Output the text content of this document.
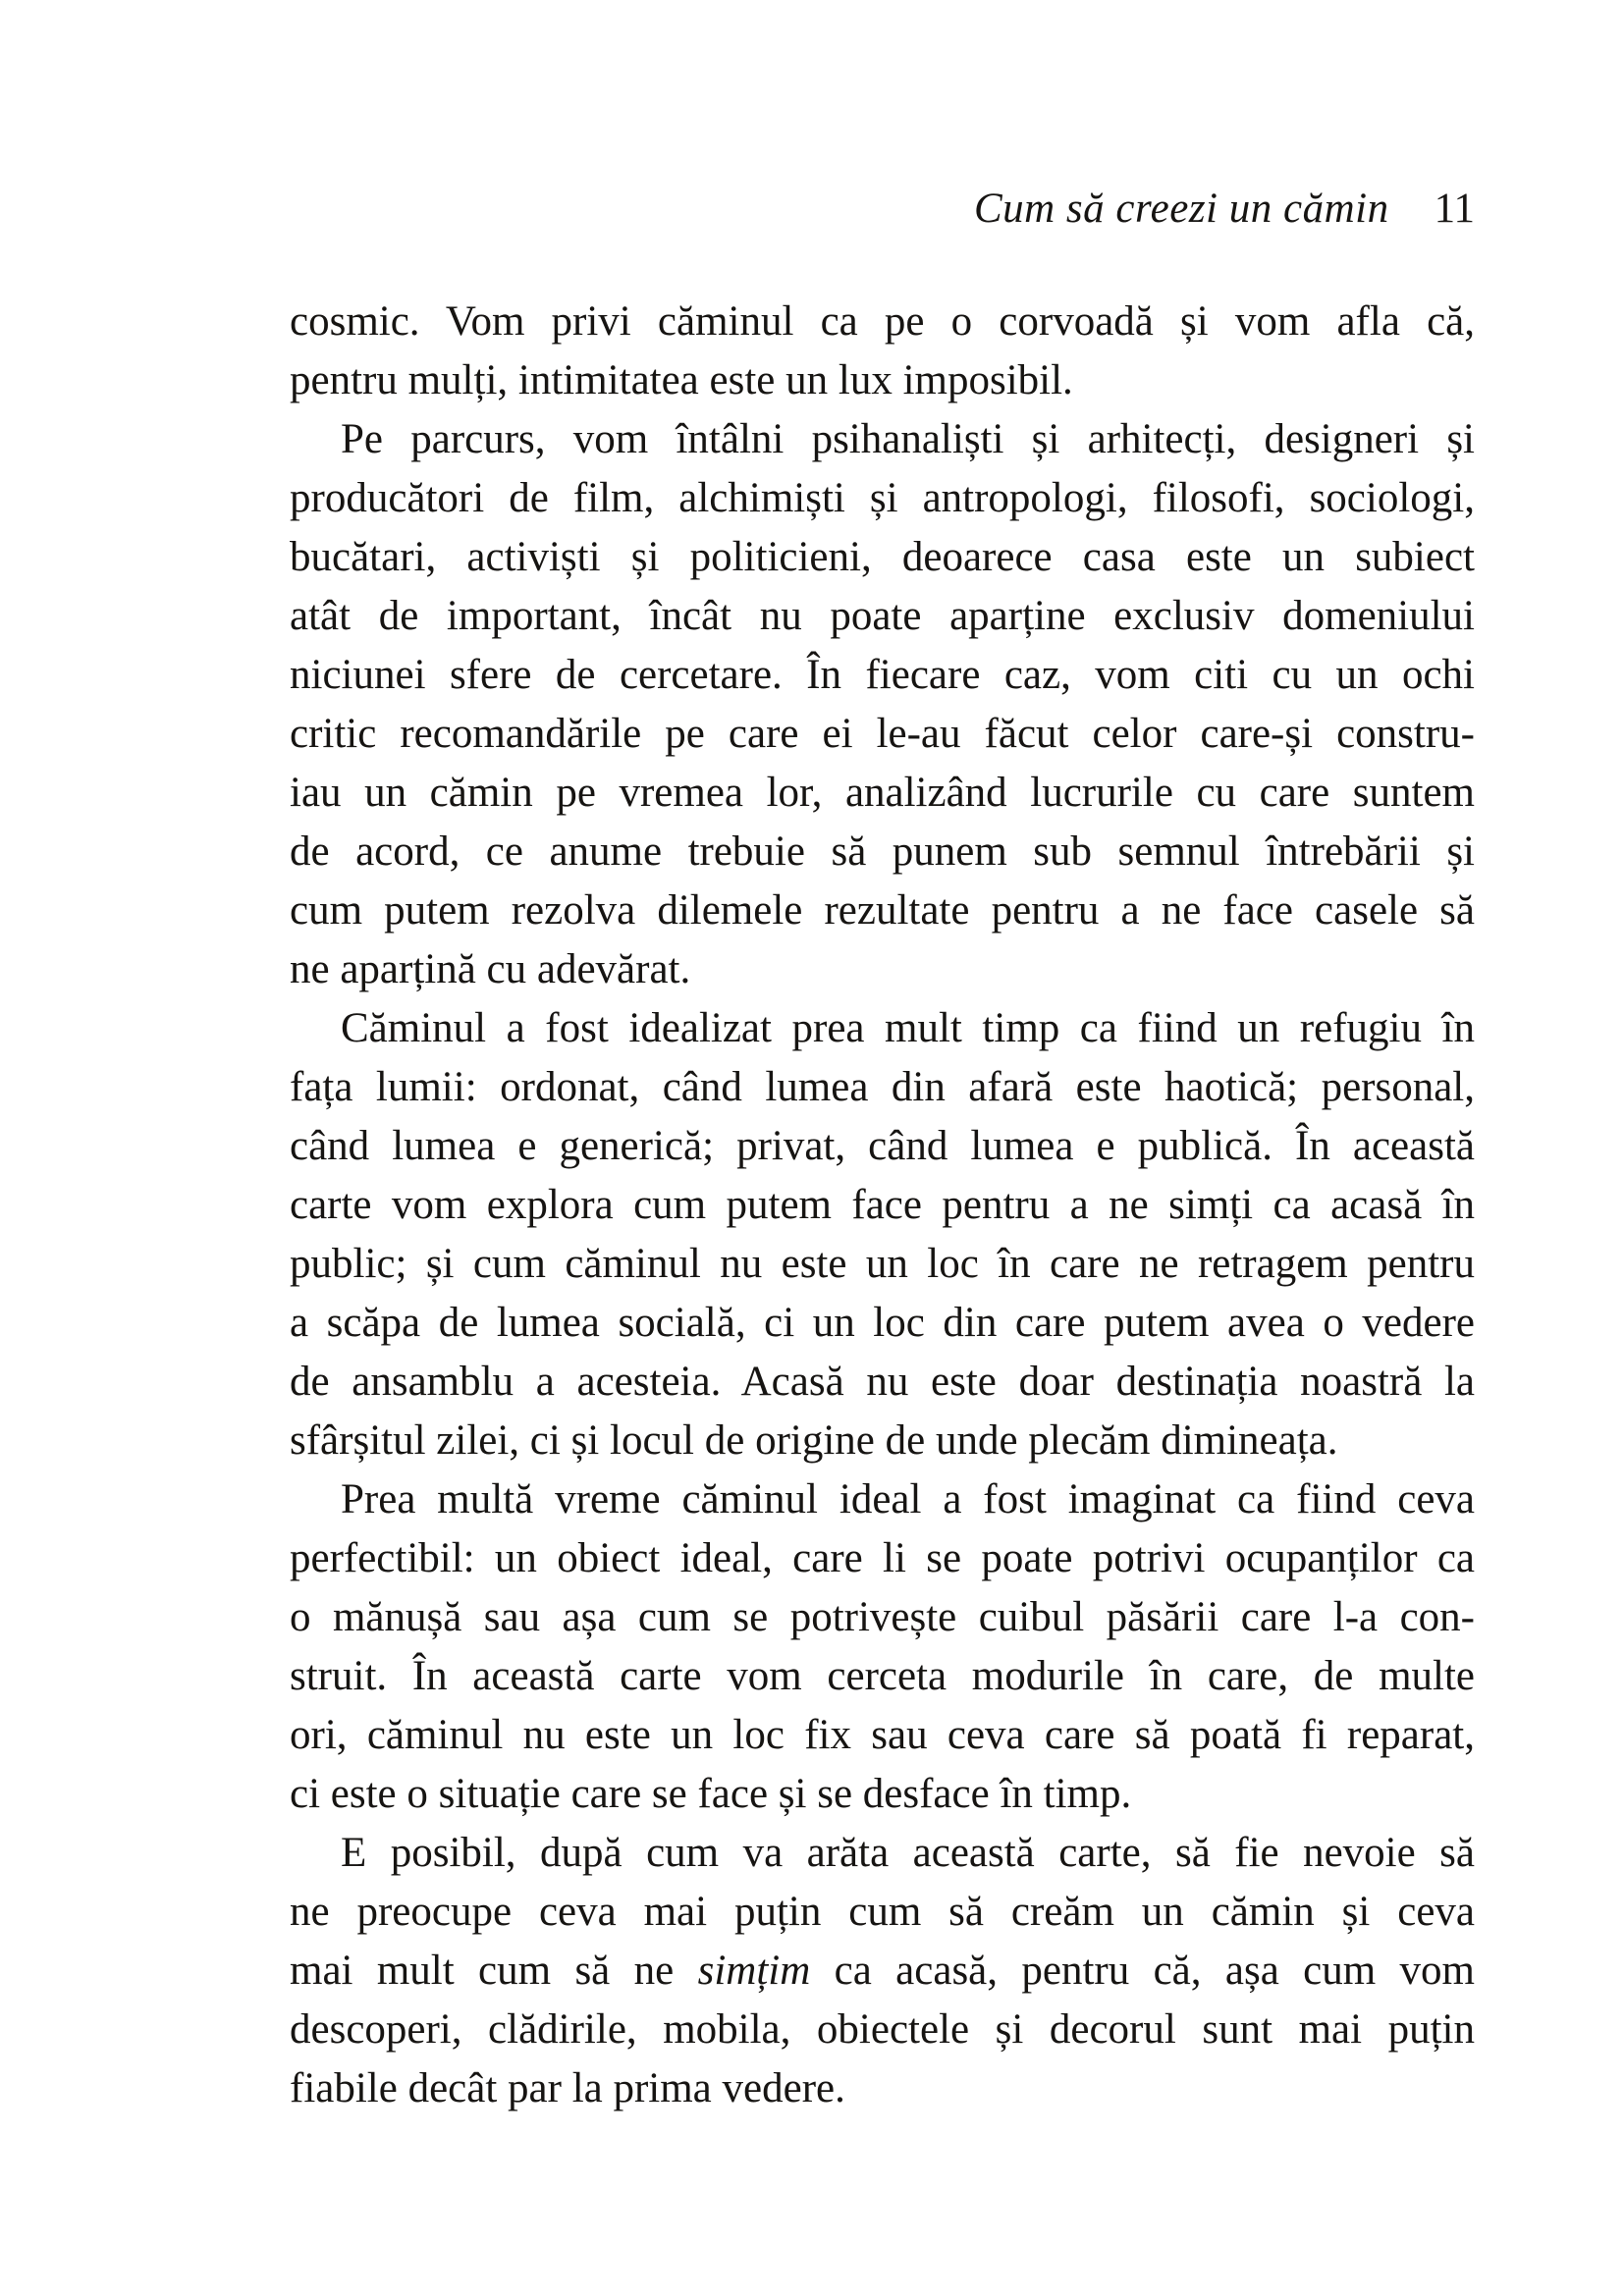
Cum să creezi un cămin 11
cosmic. Vom privi căminul ca pe o corvoadă și vom afla că,
pentru mulți, intimitatea este un lux imposibil.
Pe parcurs, vom întâlni psihanaliști și arhitecți, designeri și
producători de film, alchimiști și antropologi, filosofi, sociologi,
bucătari, activiști și politicieni, deoarece casa este un subiect
atât de important, încât nu poate aparține exclusiv domeniului
niciunei sfere de cercetare. În fiecare caz, vom citi cu un ochi
critic recomandările pe care ei le-au făcut celor care-și constru-
iau un cămin pe vremea lor, analizând lucrurile cu care suntem
de acord, ce anume trebuie să punem sub semnul întrebării și
cum putem rezolva dilemele rezultate pentru a ne face casele să
ne aparțină cu adevărat.
Căminul a fost idealizat prea mult timp ca fiind un refugiu în
fața lumii: ordonat, când lumea din afară este haotică; personal,
când lumea e generică; privat, când lumea e publică. În această
carte vom explora cum putem face pentru a ne simți ca acasă în
public; și cum căminul nu este un loc în care ne retragem pentru
a scăpa de lumea socială, ci un loc din care putem avea o vedere
de ansamblu a acesteia. Acasă nu este doar destinația noastră la
sfârșitul zilei, ci și locul de origine de unde plecăm dimineața.
Prea multă vreme căminul ideal a fost imaginat ca fiind ceva
perfectibil: un obiect ideal, care li se poate potrivi ocupanților ca
o mănușă sau așa cum se potrivește cuibul păsării care l-a con-
struit. În această carte vom cerceta modurile în care, de multe
ori, căminul nu este un loc fix sau ceva care să poată fi reparat,
ci este o situație care se face și se desface în timp.
E posibil, după cum va arăta această carte, să fie nevoie să
ne preocupe ceva mai puțin cum să creăm un cămin și ceva
mai mult cum să ne simțim ca acasă, pentru că, așa cum vom
descoperi, clădirile, mobila, obiectele și decorul sunt mai puțin
fiabile decât par la prima vedere.
